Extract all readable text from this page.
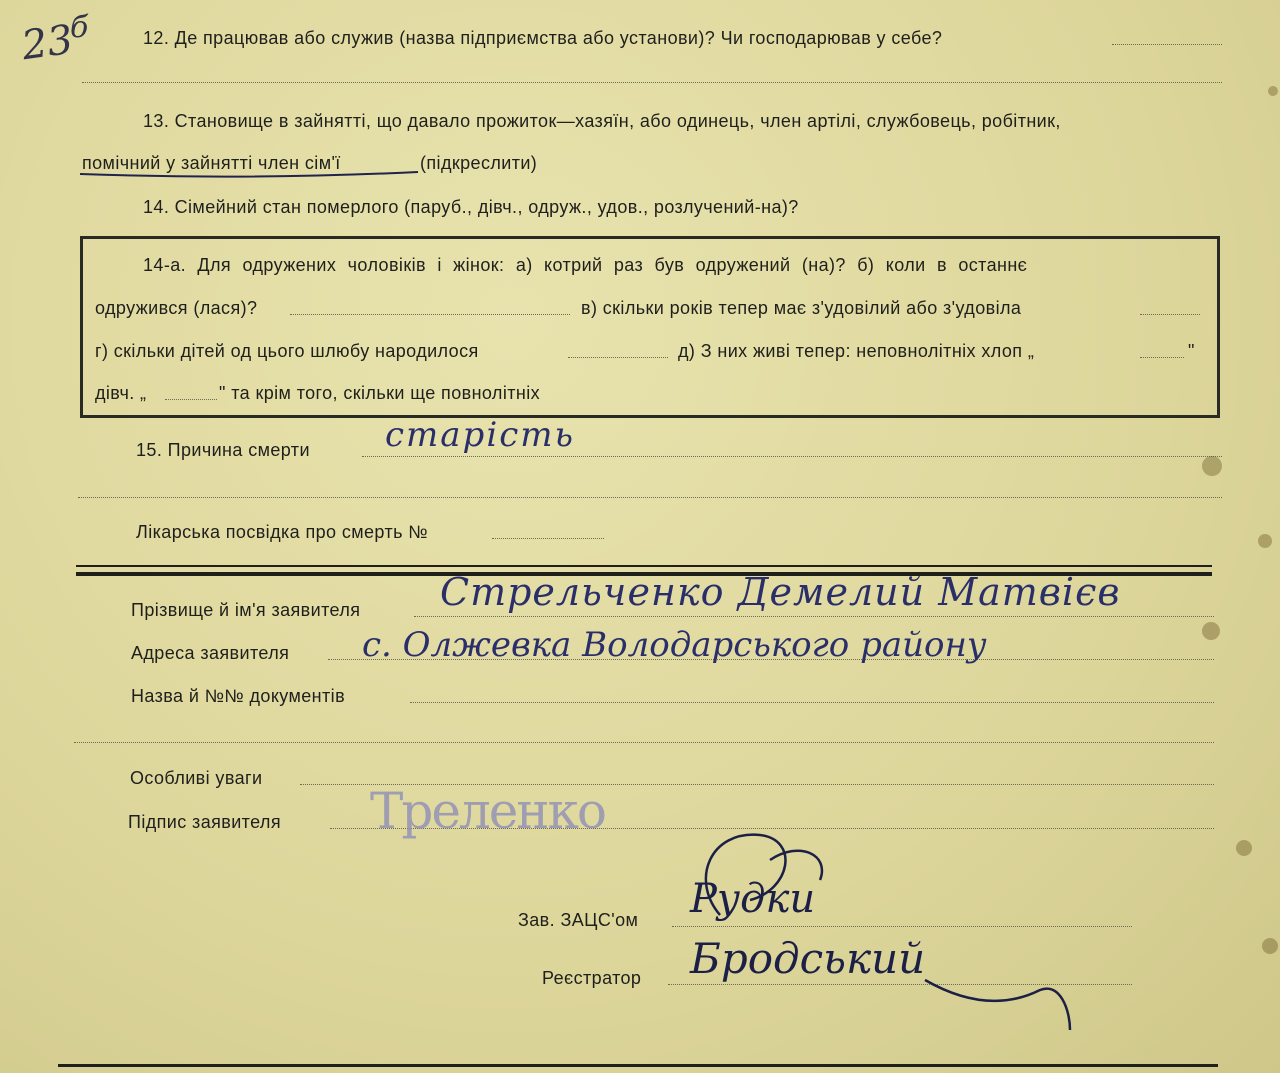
23
б	12. Де працював або служив (назва підприємства або установи)? Чи господарював у себе?
13. Становище в зайнятті, що давало прожиток—хазяїн, або одинець, член артілі, службовець, робітник,
помічний у зайнятті член сім'ї	(підкреслити)
14. Сімейний стан померлого (паруб., дівч., одруж., удов., розлучений-на)?
14-а. Для одружених чоловіків і жінок: а) котрий раз був одружений (на)? б) коли в останнє
одружився (лася)?	в) скільки років тепер має з'удовілий або з'удовіла
г) скільки дітей од цього шлюбу народилося	д) З них живі тепер: неповнолітніх хлоп „	"
дівч. „	" та крім того, скільки ще повнолітніх
15. Причина смерти старість
Лікарська посвідка про смерть №
Прізвище й ім'я заявителя Стрельченко Демелий Матвієв
Адреса заявителя с. Олжевка Володарського району
Назва й №№ документів
Особливі уваги
Підпис заявителя Треленко
Зав. ЗАЦС'ом Рудки
Реєстратор Бродський
